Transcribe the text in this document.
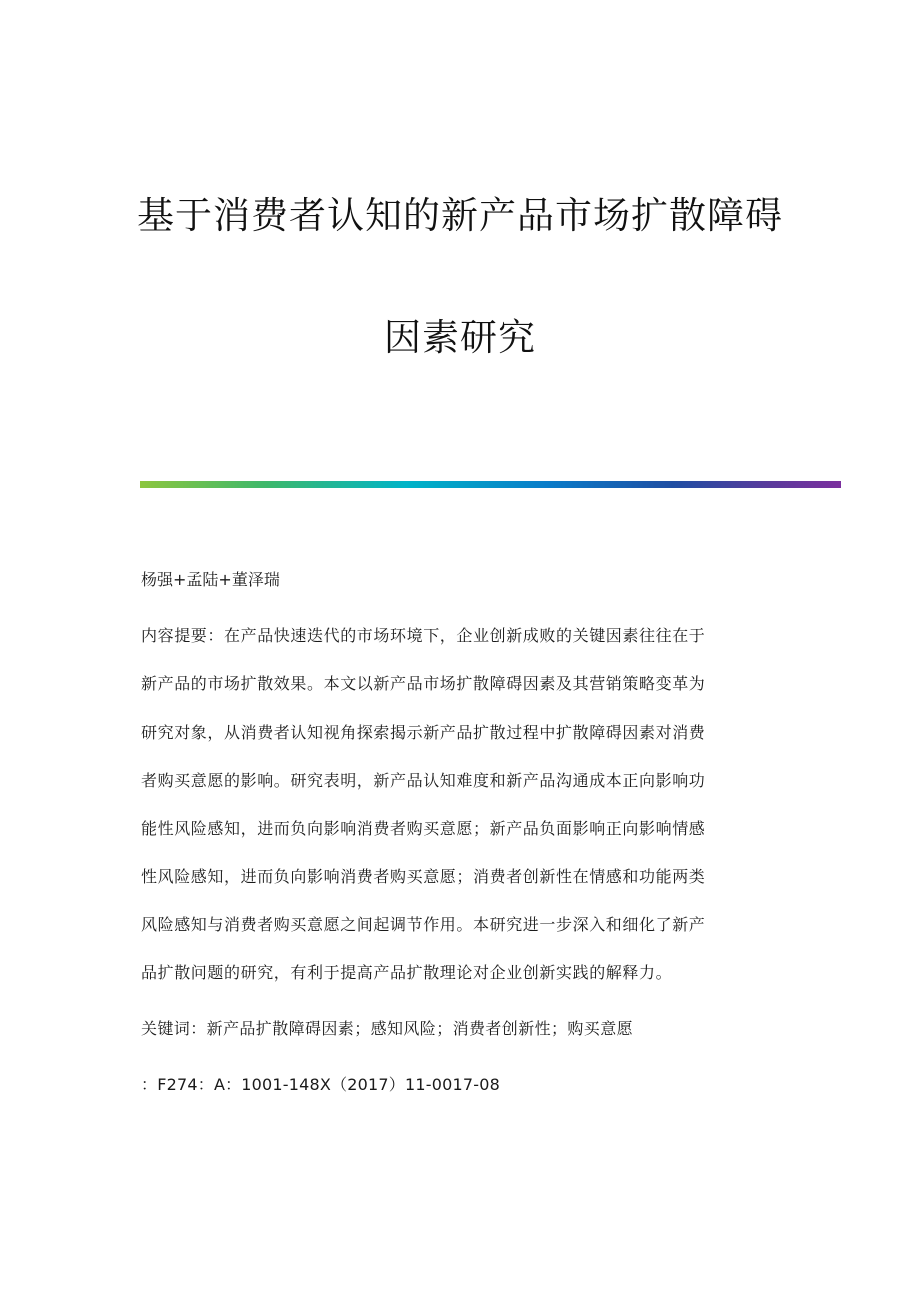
基于消费者认知的新产品市场扩散障碍
因素研究
杨强+孟陆+董泽瑞
内容提要：在产品快速迭代的市场环境下，企业创新成败的关键因素往往在于
新产品的市场扩散效果。本文以新产品市场扩散障碍因素及其营销策略变革为
研究对象，从消费者认知视角探索揭示新产品扩散过程中扩散障碍因素对消费
者购买意愿的影响。研究表明，新产品认知难度和新产品沟通成本正向影响功
能性风险感知，进而负向影响消费者购买意愿；新产品负面影响正向影响情感
性风险感知，进而负向影响消费者购买意愿；消费者创新性在情感和功能两类
风险感知与消费者购买意愿之间起调节作用。本研究进一步深入和细化了新产
品扩散问题的研究，有利于提高产品扩散理论对企业创新实践的解释力。
关键词：新产品扩散障碍因素；感知风险；消费者创新性；购买意愿
：F274：A：1001-148X（2017）11-0017-08
